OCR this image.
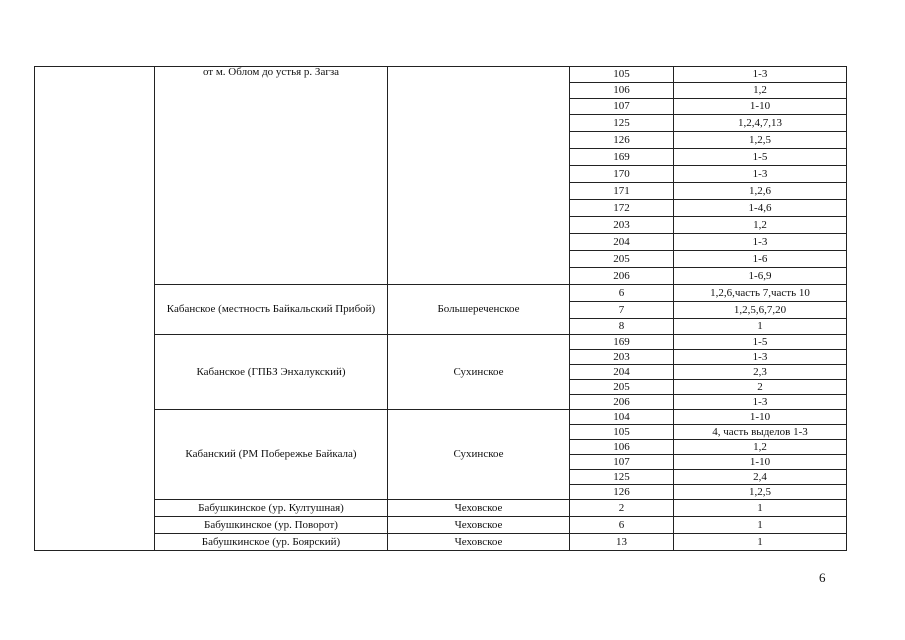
	от м. Облом до устья р. Загза		105	1-3
			106	1,2
			107	1-10
			125	1,2,4,7,13
			126	1,2,5
			169	1-5
			170	1-3
			171	1,2,6
			172	1-4,6
			203	1,2
			204	1-3
			205	1-6
			206	1-6,9
	Кабанское (местность Байкальский Прибой)	Большереченское	6	1,2,6,часть 7,часть 10
			7	1,2,5,6,7,20
			8	1
	Кабанское (ГПБЗ Энхалукский)	Сухинское	169	1-5
			203	1-3
			204	2,3
			205	2
			206	1-3
	Кабанский (РМ Побережье Байкала)	Сухинское	104	1-10
			105	4, часть выделов 1-3
			106	1,2
			107	1-10
			125	2,4
			126	1,2,5
	Бабушкинское (ур. Култушная)	Чеховское	2	1
	Бабушкинское (ур. Поворот)	Чеховское	6	1
	Бабушкинское (ур. Боярский)	Чеховское	13	1
6
